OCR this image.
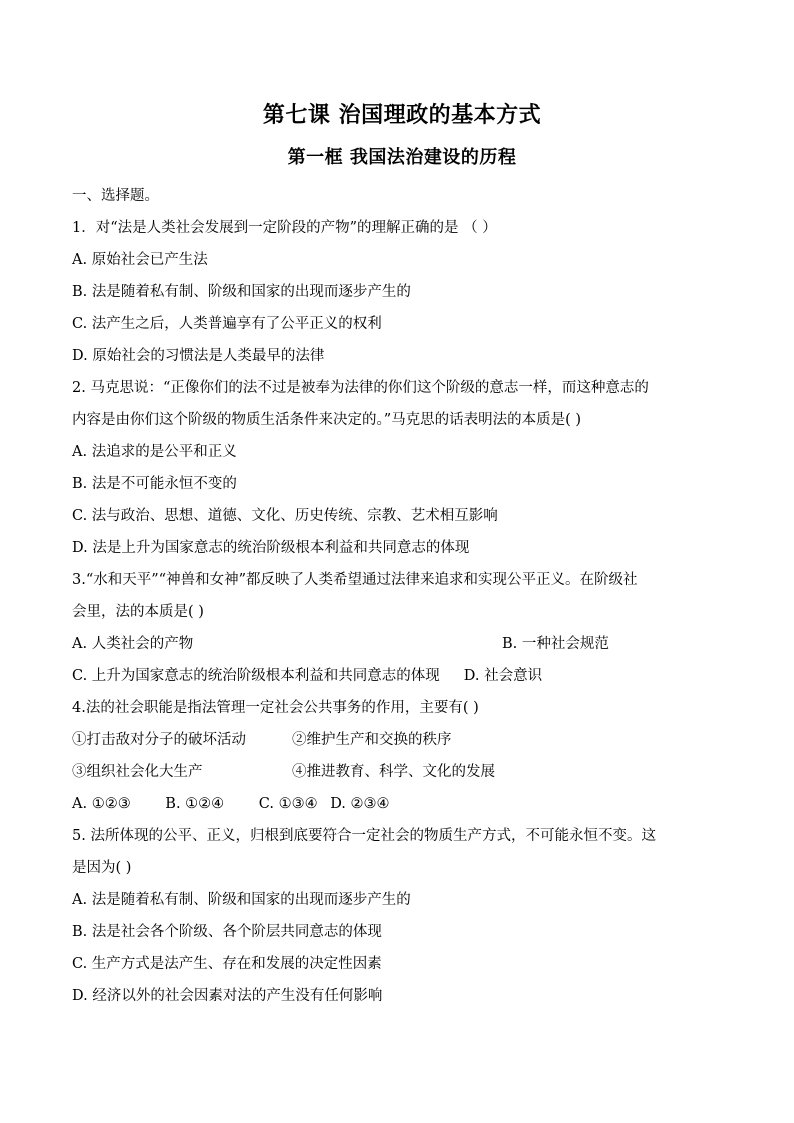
第七课 治国理政的基本方式
第一框 我国法治建设的历程
一、选择题。
1．对“法是人类社会发展到一定阶段的产物”的理解正确的是 （ ）
A. 原始社会已产生法
B. 法是随着私有制、阶级和国家的出现而逐步产生的
C. 法产生之后，人类普遍享有了公平正义的权利
D. 原始社会的习惯法是人类最早的法律
2. 马克思说：“正像你们的法不过是被奉为法律的你们这个阶级的意志一样，而这种意志的
内容是由你们这个阶级的物质生活条件来决定的。”马克思的话表明法的本质是( )
A. 法追求的是公平和正义
B. 法是不可能永恒不变的
C. 法与政治、思想、道德、文化、历史传统、宗教、艺术相互影响
D. 法是上升为国家意志的统治阶级根本利益和共同意志的体现
3.“水和天平”“神兽和女神”都反映了人类希望通过法律来追求和实现公平正义。在阶级社
会里，法的本质是( )
A. 人类社会的产物	B. 一种社会规范
C. 上升为国家意志的统治阶级根本利益和共同意志的体现 D. 社会意识
4.法的社会职能是指法管理一定社会公共事务的作用，主要有( )
①打击敌对分子的破坏活动	②维护生产和交换的秩序
③组织社会化大生产	④推进教育、科学、文化的发展
A. ①②③ B. ①②④ C. ①③④ D. ②③④
5. 法所体现的公平、正义，归根到底要符合一定社会的物质生产方式，不可能永恒不变。这
是因为( )
A. 法是随着私有制、阶级和国家的出现而逐步产生的
B. 法是社会各个阶级、各个阶层共同意志的体现
C. 生产方式是法产生、存在和发展的决定性因素
D. 经济以外的社会因素对法的产生没有任何影响
